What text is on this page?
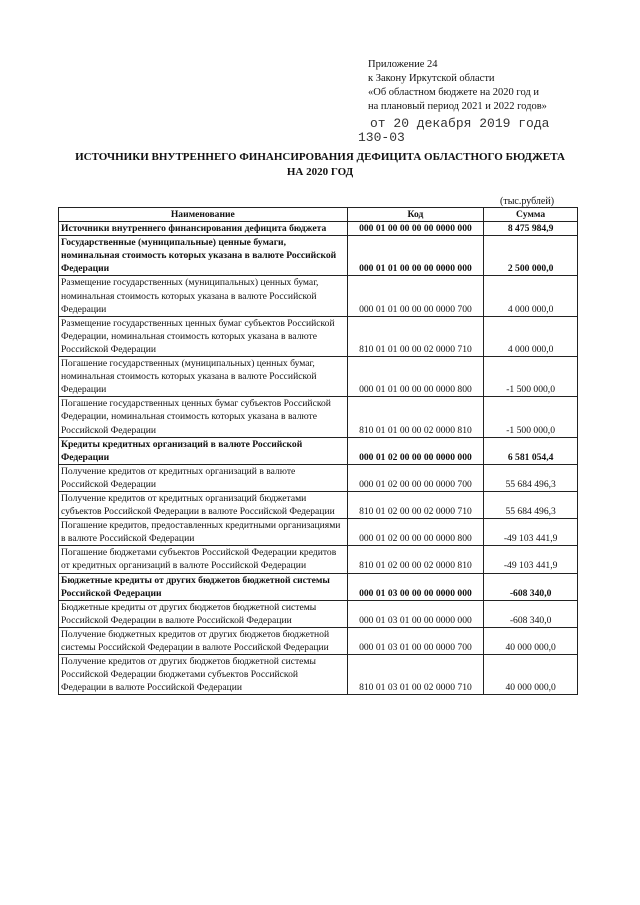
Приложение 24
к Закону Иркутской области
«Об областном бюджете на 2020 год и
на плановый период 2021 и 2022 годов»
от 20 декабря 2019 года
130-03
ИСТОЧНИКИ ВНУТРЕННЕГО ФИНАНСИРОВАНИЯ ДЕФИЦИТА ОБЛАСТНОГО БЮДЖЕТА
НА 2020 ГОД
(тыс.рублей)
Наименование	Код	Сумма
Источники внутреннего финансирования дефицита бюджета	000 01 00 00 00 00 0000 000	8 475 984,9
Государственные (муниципальные) ценные бумаги, номинальная стоимость которых указана в валюте Российской Федерации	000 01 01 00 00 00 0000 000	2 500 000,0
Размещение государственных (муниципальных) ценных бумаг, номинальная стоимость которых указана в валюте Российской Федерации	000 01 01 00 00 00 0000 700	4 000 000,0
Размещение государственных ценных бумаг субъектов Российской Федерации, номинальная стоимость которых указана в валюте Российской Федерации	810 01 01 00 00 02 0000 710	4 000 000,0
Погашение государственных (муниципальных) ценных бумаг, номинальная стоимость которых указана в валюте Российской Федерации	000 01 01 00 00 00 0000 800	-1 500 000,0
Погашение государственных ценных бумаг субъектов Российской Федерации, номинальная стоимость которых указана в валюте Российской Федерации	810 01 01 00 00 02 0000 810	-1 500 000,0
Кредиты кредитных организаций в валюте Российской Федерации	000 01 02 00 00 00 0000 000	6 581 054,4
Получение кредитов от кредитных организаций в валюте Российской Федерации	000 01 02 00 00 00 0000 700	55 684 496,3
Получение кредитов от кредитных организаций бюджетами субъектов Российской Федерации в валюте Российской Федерации	810 01 02 00 00 02 0000 710	55 684 496,3
Погашение кредитов, предоставленных кредитными организациями в валюте Российской Федерации	000 01 02 00 00 00 0000 800	-49 103 441,9
Погашение бюджетами субъектов Российской Федерации кредитов от кредитных организаций в валюте Российской Федерации	810 01 02 00 00 02 0000 810	-49 103 441,9
Бюджетные кредиты от других бюджетов бюджетной системы Российской Федерации	000 01 03 00 00 00 0000 000	-608 340,0
Бюджетные кредиты от других бюджетов бюджетной системы Российской Федерации в валюте Российской Федерации	000 01 03 01 00 00 0000 000	-608 340,0
Получение бюджетных кредитов от других бюджетов бюджетной системы Российской Федерации в валюте Российской Федерации	000 01 03 01 00 00 0000 700	40 000 000,0
Получение кредитов от других бюджетов бюджетной системы Российской Федерации бюджетами субъектов Российской Федерации в валюте Российской Федерации	810 01 03 01 00 02 0000 710	40 000 000,0
